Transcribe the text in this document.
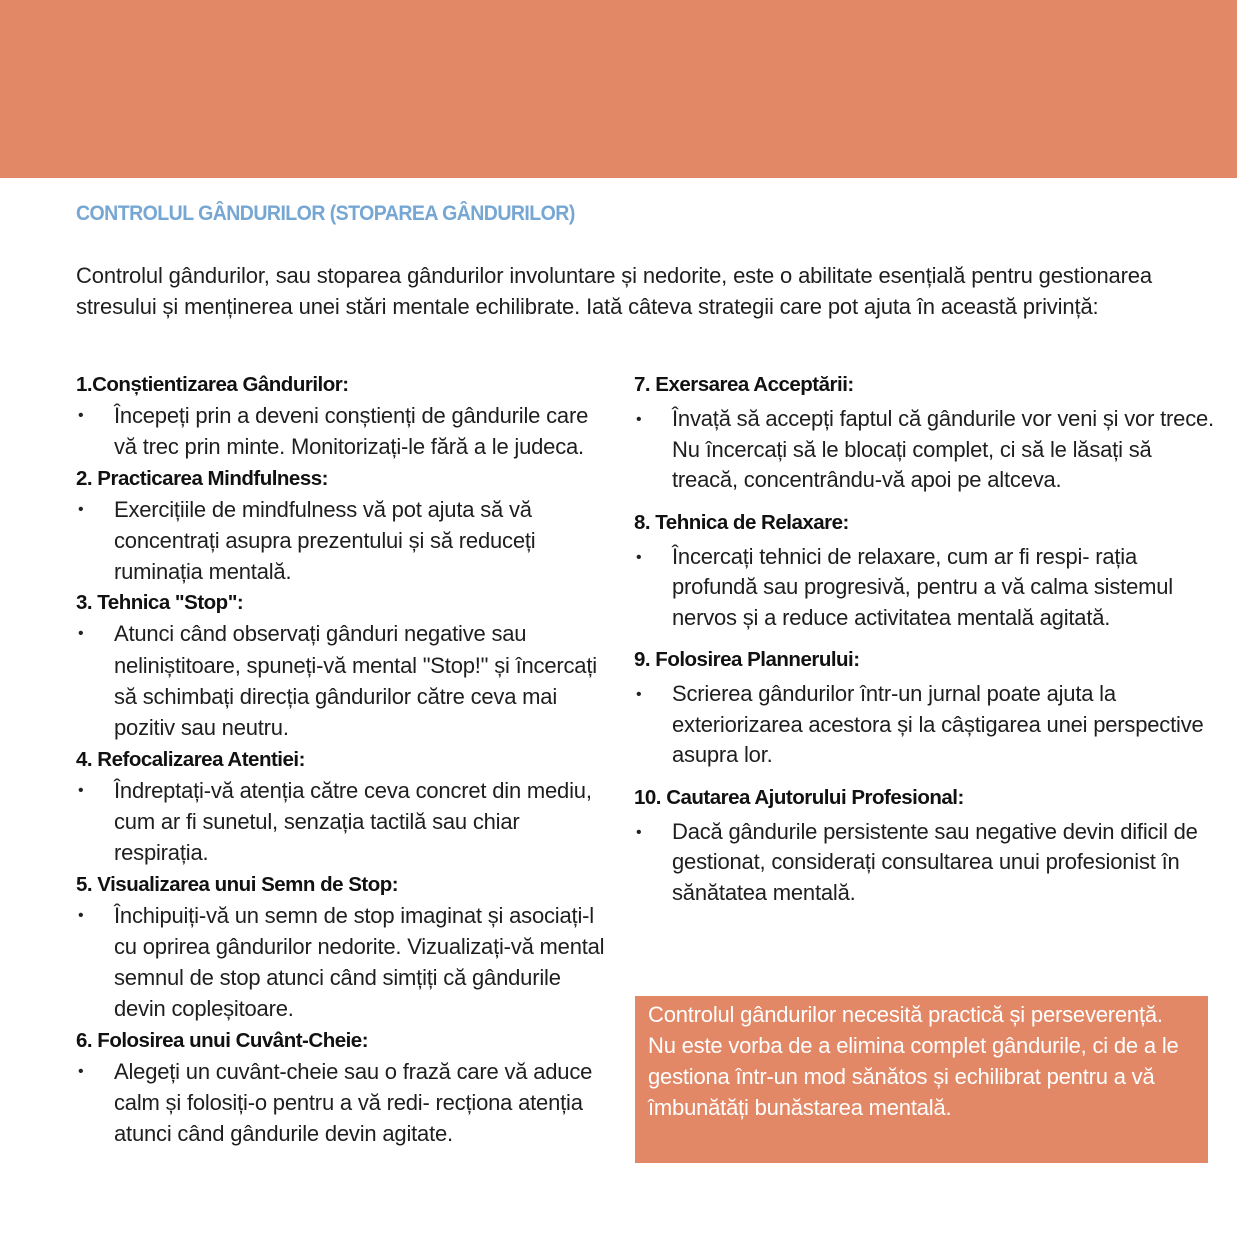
CONTROLUL GÂNDURILOR (STOPAREA GÂNDURILOR)

Controlul gândurilor, sau stoparea gândurilor involuntare și nedorite, este o abilitate esențială pentru gestionarea stresului și menținerea unei stări mentale echilibrate. Iată câteva strategii care pot ajuta în această privință:

1.Conștientizarea Gândurilor:
•	Începeți prin a deveni conștienți de gândurile care vă trec prin minte. Monitorizați-le fără a le judeca.
2. Practicarea Mindfulness:
•	Exercițiile de mindfulness vă pot ajuta să vă concentrați asupra prezentului și să reduceți ruminația mentală.
3. Tehnica "Stop":
•	Atunci când observați gânduri negative sau neliniștitoare, spuneți-vă mental "Stop!" și încercați să schimbați direcția gândurilor către ceva mai pozitiv sau neutru.
4. Refocalizarea Atentiei:
•	Îndreptați-vă atenția către ceva concret din mediu, cum ar fi sunetul, senzația tactilă sau chiar respirația.
5. Visualizarea unui Semn de Stop:
•	Închipuiți-vă un semn de stop imaginat și asociați-l cu oprirea gândurilor nedorite. Vizualizați-vă mental semnul de stop atunci când simțiți că gândurile devin copleșitoare.
6. Folosirea unui Cuvânt-Cheie:
•	Alegeți un cuvânt-cheie sau o frază care vă aduce calm și folosiți-o pentru a vă redi- recționa atenția atunci când gândurile devin agitate.
7. Exersarea Acceptării:
•	Învață să accepți faptul că gândurile vor veni și vor trece. Nu încercați să le blocați complet, ci să le lăsați să treacă, concentrându-vă apoi pe altceva.
8. Tehnica de Relaxare:
•	Încercați tehnici de relaxare, cum ar fi respi- rația profundă sau progresivă, pentru a vă calma sistemul nervos și a reduce activitatea mentală agitată.
9. Folosirea Plannerului:
•	Scrierea gândurilor într-un jurnal poate ajuta la exteriorizarea acestora și la câștigarea unei perspective asupra lor.
10. Cautarea Ajutorului Profesional:
•	Dacă gândurile persistente sau negative devin dificil de gestionat, considerați consultarea unui profesionist în sănătatea mentală.

Controlul gândurilor necesită practică și perseverență. Nu este vorba de a elimina complet gândurile, ci de a le gestiona într-un mod sănătos și echilibrat pentru a vă îmbunătăți bunăstarea mentală.
